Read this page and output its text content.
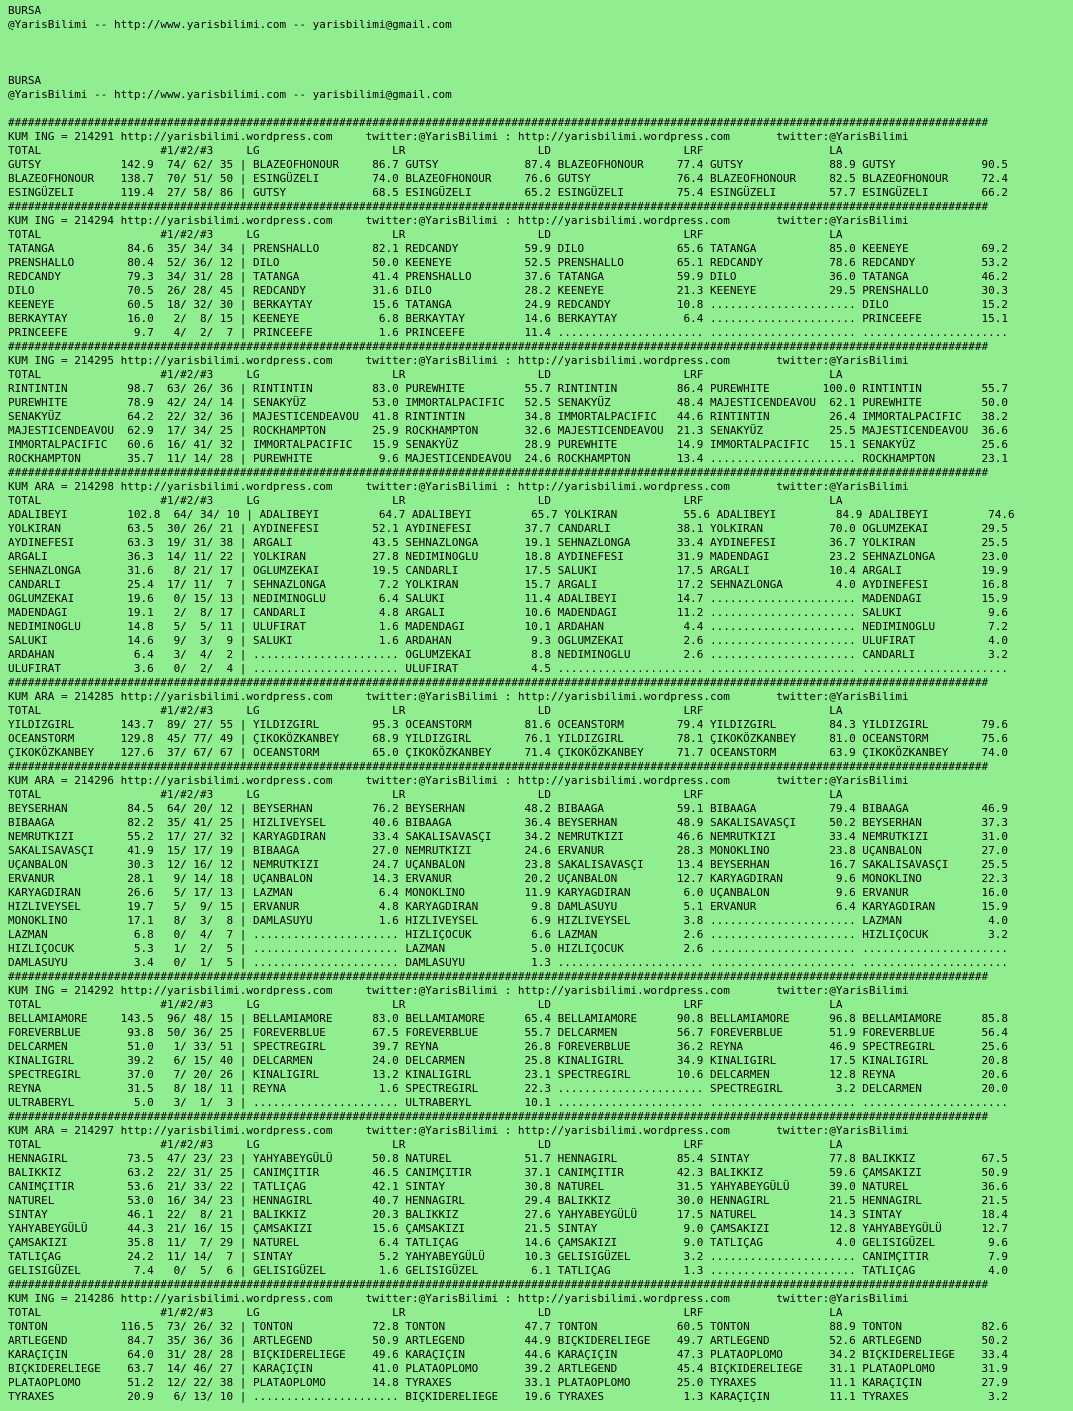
BURSA
@YarisBilimi -- http://www.yarisbilimi.com -- yarisbilimi@gmail.com

BURSA
@YarisBilimi -- http://www.yarisbilimi.com -- yarisbilimi@gmail.com

####################################################################################################################################################
KUM ING = 214291 http://yarisbilimi.wordpress.com     twitter:@YarisBilimi : http://yarisbilimi.wordpress.com       twitter:@YarisBilimi
TOTAL                  #1/#2/#3     LG                    LR                    LD                    LRF                   LA
GUTSY            142.9  74/ 62/ 35 | BLAZEOFHONOUR     86.7 GUTSY             87.4 BLAZEOFHONOUR     77.4 GUTSY             88.9 GUTSY             90.5
BLAZEOFHONOUR    138.7  70/ 51/ 50 | ESINGÜZELI        74.0 BLAZEOFHONOUR     76.6 GUTSY             76.4 BLAZEOFHONOUR     82.5 BLAZEOFHONOUR     72.4
ESINGÜZELI       119.4  27/ 58/ 86 | GUTSY             68.5 ESINGÜZELI        65.2 ESINGÜZELI        75.4 ESINGÜZELI        57.7 ESINGÜZELI        66.2
####################################################################################################################################################
KUM ING = 214294 http://yarisbilimi.wordpress.com     twitter:@YarisBilimi : http://yarisbilimi.wordpress.com       twitter:@YarisBilimi
TOTAL                  #1/#2/#3     LG                    LR                    LD                    LRF                   LA
TATANGA           84.6  35/ 34/ 34 | PRENSHALLO        82.1 REDCANDY          59.9 DILO              65.6 TATANGA           85.0 KEENEYE           69.2
PRENSHALLO        80.4  52/ 36/ 12 | DILO              50.0 KEENEYE           52.5 PRENSHALLO        65.1 REDCANDY          78.6 REDCANDY          53.2
REDCANDY          79.3  34/ 31/ 28 | TATANGA           41.4 PRENSHALLO        37.6 TATANGA           59.9 DILO              36.0 TATANGA           46.2
DILO              70.5  26/ 28/ 45 | REDCANDY          31.6 DILO              28.2 KEENEYE           21.3 KEENEYE           29.5 PRENSHALLO        30.3
KEENEYE           60.5  18/ 32/ 30 | BERKAYTAY         15.6 TATANGA           24.9 REDCANDY          10.8 ...................... DILO              15.2
BERKAYTAY         16.0   2/  8/ 15 | KEENEYE            6.8 BERKAYTAY         14.6 BERKAYTAY          6.4 ...................... PRINCEEFE         15.1
PRINCEEFE          9.7   4/  2/  7 | PRINCEEFE          1.6 PRINCEEFE         11.4 ...................... ...................... ......................
####################################################################################################################################################
KUM ING = 214295 http://yarisbilimi.wordpress.com     twitter:@YarisBilimi : http://yarisbilimi.wordpress.com       twitter:@YarisBilimi
TOTAL                  #1/#2/#3     LG                    LR                    LD                    LRF                   LA
RINTINTIN         98.7  63/ 26/ 36 | RINTINTIN         83.0 PUREWHITE         55.7 RINTINTIN         86.4 PUREWHITE        100.0 RINTINTIN         55.7
PUREWHITE         78.9  42/ 24/ 14 | SENAKYÜZ          53.0 IMMORTALPACIFIC   52.5 SENAKYÜZ          48.4 MAJESTICENDEAVOU  62.1 PUREWHITE         50.0
SENAKYÜZ          64.2  22/ 32/ 36 | MAJESTICENDEAVOU  41.8 RINTINTIN         34.8 IMMORTALPACIFIC   44.6 RINTINTIN         26.4 IMMORTALPACIFIC   38.2
MAJESTICENDEAVOU  62.9  17/ 34/ 25 | ROCKHAMPTON       25.9 ROCKHAMPTON       32.6 MAJESTICENDEAVOU  21.3 SENAKYÜZ          25.5 MAJESTICENDEAVOU  36.6
IMMORTALPACIFIC   60.6  16/ 41/ 32 | IMMORTALPACIFIC   15.9 SENAKYÜZ          28.9 PUREWHITE         14.9 IMMORTALPACIFIC   15.1 SENAKYÜZ          25.6
ROCKHAMPTON       35.7  11/ 14/ 28 | PUREWHITE          9.6 MAJESTICENDEAVOU  24.6 ROCKHAMPTON       13.4 ...................... ROCKHAMPTON       23.1
####################################################################################################################################################
KUM ARA = 214298 http://yarisbilimi.wordpress.com     twitter:@YarisBilimi : http://yarisbilimi.wordpress.com       twitter:@YarisBilimi
TOTAL                  #1/#2/#3     LG                    LR                    LD                    LRF                   LA
ADALIBEYI         102.8  64/ 34/ 10 | ADALIBEYI         64.7 ADALIBEYI         65.7 YOLKIRAN          55.6 ADALIBEYI         84.9 ADALIBEYI         74.6
YOLKIRAN          63.5  30/ 26/ 21 | AYDINEFESI        52.1 AYDINEFESI        37.7 CANDARLI          38.1 YOLKIRAN          70.0 OGLUMZEKAI        29.5
AYDINEFESI        63.3  19/ 31/ 38 | ARGALI            43.5 SEHNAZLONGA       19.1 SEHNAZLONGA       33.4 AYDINEFESI        36.7 YOLKIRAN          25.5
ARGALI            36.3  14/ 11/ 22 | YOLKIRAN          27.8 NEDIMINOGLU       18.8 AYDINEFESI        31.9 MADENDAGI         23.2 SEHNAZLONGA       23.0
SEHNAZLONGA       31.6   8/ 21/ 17 | OGLUMZEKAI        19.5 CANDARLI          17.5 SALUKI            17.5 ARGALI            10.4 ARGALI            19.9
CANDARLI          25.4  17/ 11/  7 | SEHNAZLONGA        7.2 YOLKIRAN          15.7 ARGALI            17.2 SEHNAZLONGA        4.0 AYDINEFESI        16.8
OGLUMZEKAI        19.6   0/ 15/ 13 | NEDIMINOGLU        6.4 SALUKI            11.4 ADALIBEYI         14.7 ...................... MADENDAGI         15.9
MADENDAGI         19.1   2/  8/ 17 | CANDARLI           4.8 ARGALI            10.6 MADENDAGI         11.2 ...................... SALUKI             9.6
NEDIMINOGLU       14.8   5/  5/ 11 | ULUFIRAT           1.6 MADENDAGI         10.1 ARDAHAN            4.4 ...................... NEDIMINOGLU        7.2
SALUKI            14.6   9/  3/  9 | SALUKI             1.6 ARDAHAN            9.3 OGLUMZEKAI         2.6 ...................... ULUFIRAT           4.0
ARDAHAN            6.4   3/  4/  2 | ...................... OGLUMZEKAI         8.8 NEDIMINOGLU        2.6 ...................... CANDARLI           3.2
ULUFIRAT           3.6   0/  2/  4 | ...................... ULUFIRAT           4.5 ...................... ...................... ......................
####################################################################################################################################################
KUM ARA = 214285 http://yarisbilimi.wordpress.com     twitter:@YarisBilimi : http://yarisbilimi.wordpress.com       twitter:@YarisBilimi
TOTAL                  #1/#2/#3     LG                    LR                    LD                    LRF                   LA
YILDIZGIRL       143.7  89/ 27/ 55 | YILDIZGIRL        95.3 OCEANSTORM        81.6 OCEANSTORM        79.4 YILDIZGIRL        84.3 YILDIZGIRL        79.6
OCEANSTORM       129.8  45/ 77/ 49 | ÇIKOKÖZKANBEY     68.9 YILDIZGIRL        76.1 YILDIZGIRL        78.1 ÇIKOKÖZKANBEY     81.0 OCEANSTORM        75.6
ÇIKOKÖZKANBEY    127.6  37/ 67/ 67 | OCEANSTORM        65.0 ÇIKOKÖZKANBEY     71.4 ÇIKOKÖZKANBEY     71.7 OCEANSTORM        63.9 ÇIKOKÖZKANBEY     74.0
####################################################################################################################################################
KUM ARA = 214296 http://yarisbilimi.wordpress.com     twitter:@YarisBilimi : http://yarisbilimi.wordpress.com       twitter:@YarisBilimi
TOTAL                  #1/#2/#3     LG                    LR                    LD                    LRF                   LA
BEYSERHAN         84.5  64/ 20/ 12 | BEYSERHAN         76.2 BEYSERHAN         48.2 BIBAAGA           59.1 BIBAAGA           79.4 BIBAAGA           46.9
BIBAAGA           82.2  35/ 41/ 25 | HIZLIVEYSEL       40.6 BIBAAGA           36.4 BEYSERHAN         48.9 SAKALISAVASÇI     50.2 BEYSERHAN         37.3
NEMRUTKIZI        55.2  17/ 27/ 32 | KARYAGDIRAN       33.4 SAKALISAVASÇI     34.2 NEMRUTKIZI        46.6 NEMRUTKIZI        33.4 NEMRUTKIZI        31.0
SAKALISAVASÇI     41.9  15/ 17/ 19 | BIBAAGA           27.0 NEMRUTKIZI        24.6 ERVANUR           28.3 MONOKLINO         23.8 UÇANBALON         27.0
UÇANBALON         30.3  12/ 16/ 12 | NEMRUTKIZI        24.7 UÇANBALON         23.8 SAKALISAVASÇI     13.4 BEYSERHAN         16.7 SAKALISAVASÇI     25.5
ERVANUR           28.1   9/ 14/ 18 | UÇANBALON         14.3 ERVANUR           20.2 UÇANBALON         12.7 KARYAGDIRAN        9.6 MONOKLINO         22.3
KARYAGDIRAN       26.6   5/ 17/ 13 | LAZMAN             6.4 MONOKLINO         11.9 KARYAGDIRAN        6.0 UÇANBALON          9.6 ERVANUR           16.0
HIZLIVEYSEL       19.7   5/  9/ 15 | ERVANUR            4.8 KARYAGDIRAN        9.8 DAMLASUYU          5.1 ERVANUR            6.4 KARYAGDIRAN       15.9
MONOKLINO         17.1   8/  3/  8 | DAMLASUYU          1.6 HIZLIVEYSEL        6.9 HIZLIVEYSEL        3.8 ...................... LAZMAN             4.0
LAZMAN             6.8   0/  4/  7 | ...................... HIZLIÇOCUK         6.6 LAZMAN             2.6 ...................... HIZLIÇOCUK         3.2
HIZLIÇOCUK         5.3   1/  2/  5 | ...................... LAZMAN             5.0 HIZLIÇOCUK         2.6 ...................... ......................
DAMLASUYU          3.4   0/  1/  5 | ...................... DAMLASUYU          1.3 ...................... ...................... ......................
####################################################################################################################################################
KUM ING = 214292 http://yarisbilimi.wordpress.com     twitter:@YarisBilimi : http://yarisbilimi.wordpress.com       twitter:@YarisBilimi
TOTAL                  #1/#2/#3     LG                    LR                    LD                    LRF                   LA
BELLAMIAMORE     143.5  96/ 48/ 15 | BELLAMIAMORE      83.0 BELLAMIAMORE      65.4 BELLAMIAMORE      90.8 BELLAMIAMORE      96.8 BELLAMIAMORE      85.8
FOREVERBLUE       93.8  50/ 36/ 25 | FOREVERBLUE       67.5 FOREVERBLUE       55.7 DELCARMEN         56.7 FOREVERBLUE       51.9 FOREVERBLUE       56.4
DELCARMEN         51.0   1/ 33/ 51 | SPECTREGIRL       39.7 REYNA             26.8 FOREVERBLUE       36.2 REYNA             46.9 SPECTREGIRL       25.6
KINALIGIRL        39.2   6/ 15/ 40 | DELCARMEN         24.0 DELCARMEN         25.8 KINALIGIRL        34.9 KINALIGIRL        17.5 KINALIGIRL        20.8
SPECTREGIRL       37.0   7/ 20/ 26 | KINALIGIRL        13.2 KINALIGIRL        23.1 SPECTREGIRL       10.6 DELCARMEN         12.8 REYNA             20.6
REYNA             31.5   8/ 18/ 11 | REYNA              1.6 SPECTREGIRL       22.3 ...................... SPECTREGIRL        3.2 DELCARMEN         20.0
ULTRABERYL         5.0   3/  1/  3 | ...................... ULTRABERYL        10.1 ...................... ...................... ......................
####################################################################################################################################################
KUM ARA = 214297 http://yarisbilimi.wordpress.com     twitter:@YarisBilimi : http://yarisbilimi.wordpress.com       twitter:@YarisBilimi
TOTAL                  #1/#2/#3     LG                    LR                    LD                    LRF                   LA
HENNAGIRL         73.5  47/ 23/ 23 | YAHYABEYGÜLÜ      50.8 NATUREL           51.7 HENNAGIRL         85.4 SINTAY            77.8 BALIKKIZ          67.5
BALIKKIZ          63.2  22/ 31/ 25 | CANIMÇITIR        46.5 CANIMÇITIR        37.1 CANIMÇITIR        42.3 BALIKKIZ          59.6 ÇAMSAKIZI         50.9
CANIMÇITIR        53.6  21/ 33/ 22 | TATLIÇAG          42.1 SINTAY            30.8 NATUREL           31.5 YAHYABEYGÜLÜ      39.0 NATUREL           36.6
NATUREL           53.0  16/ 34/ 23 | HENNAGIRL         40.7 HENNAGIRL         29.4 BALIKKIZ          30.0 HENNAGIRL         21.5 HENNAGIRL         21.5
SINTAY            46.1  22/  8/ 21 | BALIKKIZ          20.3 BALIKKIZ          27.6 YAHYABEYGÜLÜ      17.5 NATUREL           14.3 SINTAY            18.4
YAHYABEYGÜLÜ      44.3  21/ 16/ 15 | ÇAMSAKIZI         15.6 ÇAMSAKIZI         21.5 SINTAY             9.0 ÇAMSAKIZI         12.8 YAHYABEYGÜLÜ      12.7
ÇAMSAKIZI         35.8  11/  7/ 29 | NATUREL            6.4 TATLIÇAG          14.6 ÇAMSAKIZI          9.0 TATLIÇAG           4.0 GELISIGÜZEL        9.6
TATLIÇAG          24.2  11/ 14/  7 | SINTAY             5.2 YAHYABEYGÜLÜ      10.3 GELISIGÜZEL        3.2 ...................... CANIMÇITIR         7.9
GELISIGÜZEL        7.4   0/  5/  6 | GELISIGÜZEL        1.6 GELISIGÜZEL        6.1 TATLIÇAG           1.3 ...................... TATLIÇAG           4.0
####################################################################################################################################################
KUM ING = 214286 http://yarisbilimi.wordpress.com     twitter:@YarisBilimi : http://yarisbilimi.wordpress.com       twitter:@YarisBilimi
TOTAL                  #1/#2/#3     LG                    LR                    LD                    LRF                   LA
TONTON           116.5  73/ 26/ 32 | TONTON            72.8 TONTON            47.7 TONTON            60.5 TONTON            88.9 TONTON            82.6
ARTLEGEND         84.7  35/ 36/ 36 | ARTLEGEND         50.9 ARTLEGEND         44.9 BIÇKIDERELIEGE    49.7 ARTLEGEND         52.6 ARTLEGEND         50.2
KARAÇIÇIN         64.0  31/ 28/ 28 | BIÇKIDERELIEGE    49.6 KARAÇIÇIN         44.6 KARAÇIÇIN         47.3 PLATAOPLOMO       34.2 BIÇKIDERELIEGE    33.4
BIÇKIDERELIEGE    63.7  14/ 46/ 27 | KARAÇIÇIN         41.0 PLATAOPLOMO       39.2 ARTLEGEND         45.4 BIÇKIDERELIEGE    31.1 PLATAOPLOMO       31.9
PLATAOPLOMO       51.2  12/ 22/ 38 | PLATAOPLOMO       14.8 TYRAXES           33.1 PLATAOPLOMO       25.0 TYRAXES           11.1 KARAÇIÇIN         27.9
TYRAXES           20.9   6/ 13/ 10 | ...................... BIÇKIDERELIEGE    19.6 TYRAXES            1.3 KARAÇIÇIN         11.1 TYRAXES            3.2
